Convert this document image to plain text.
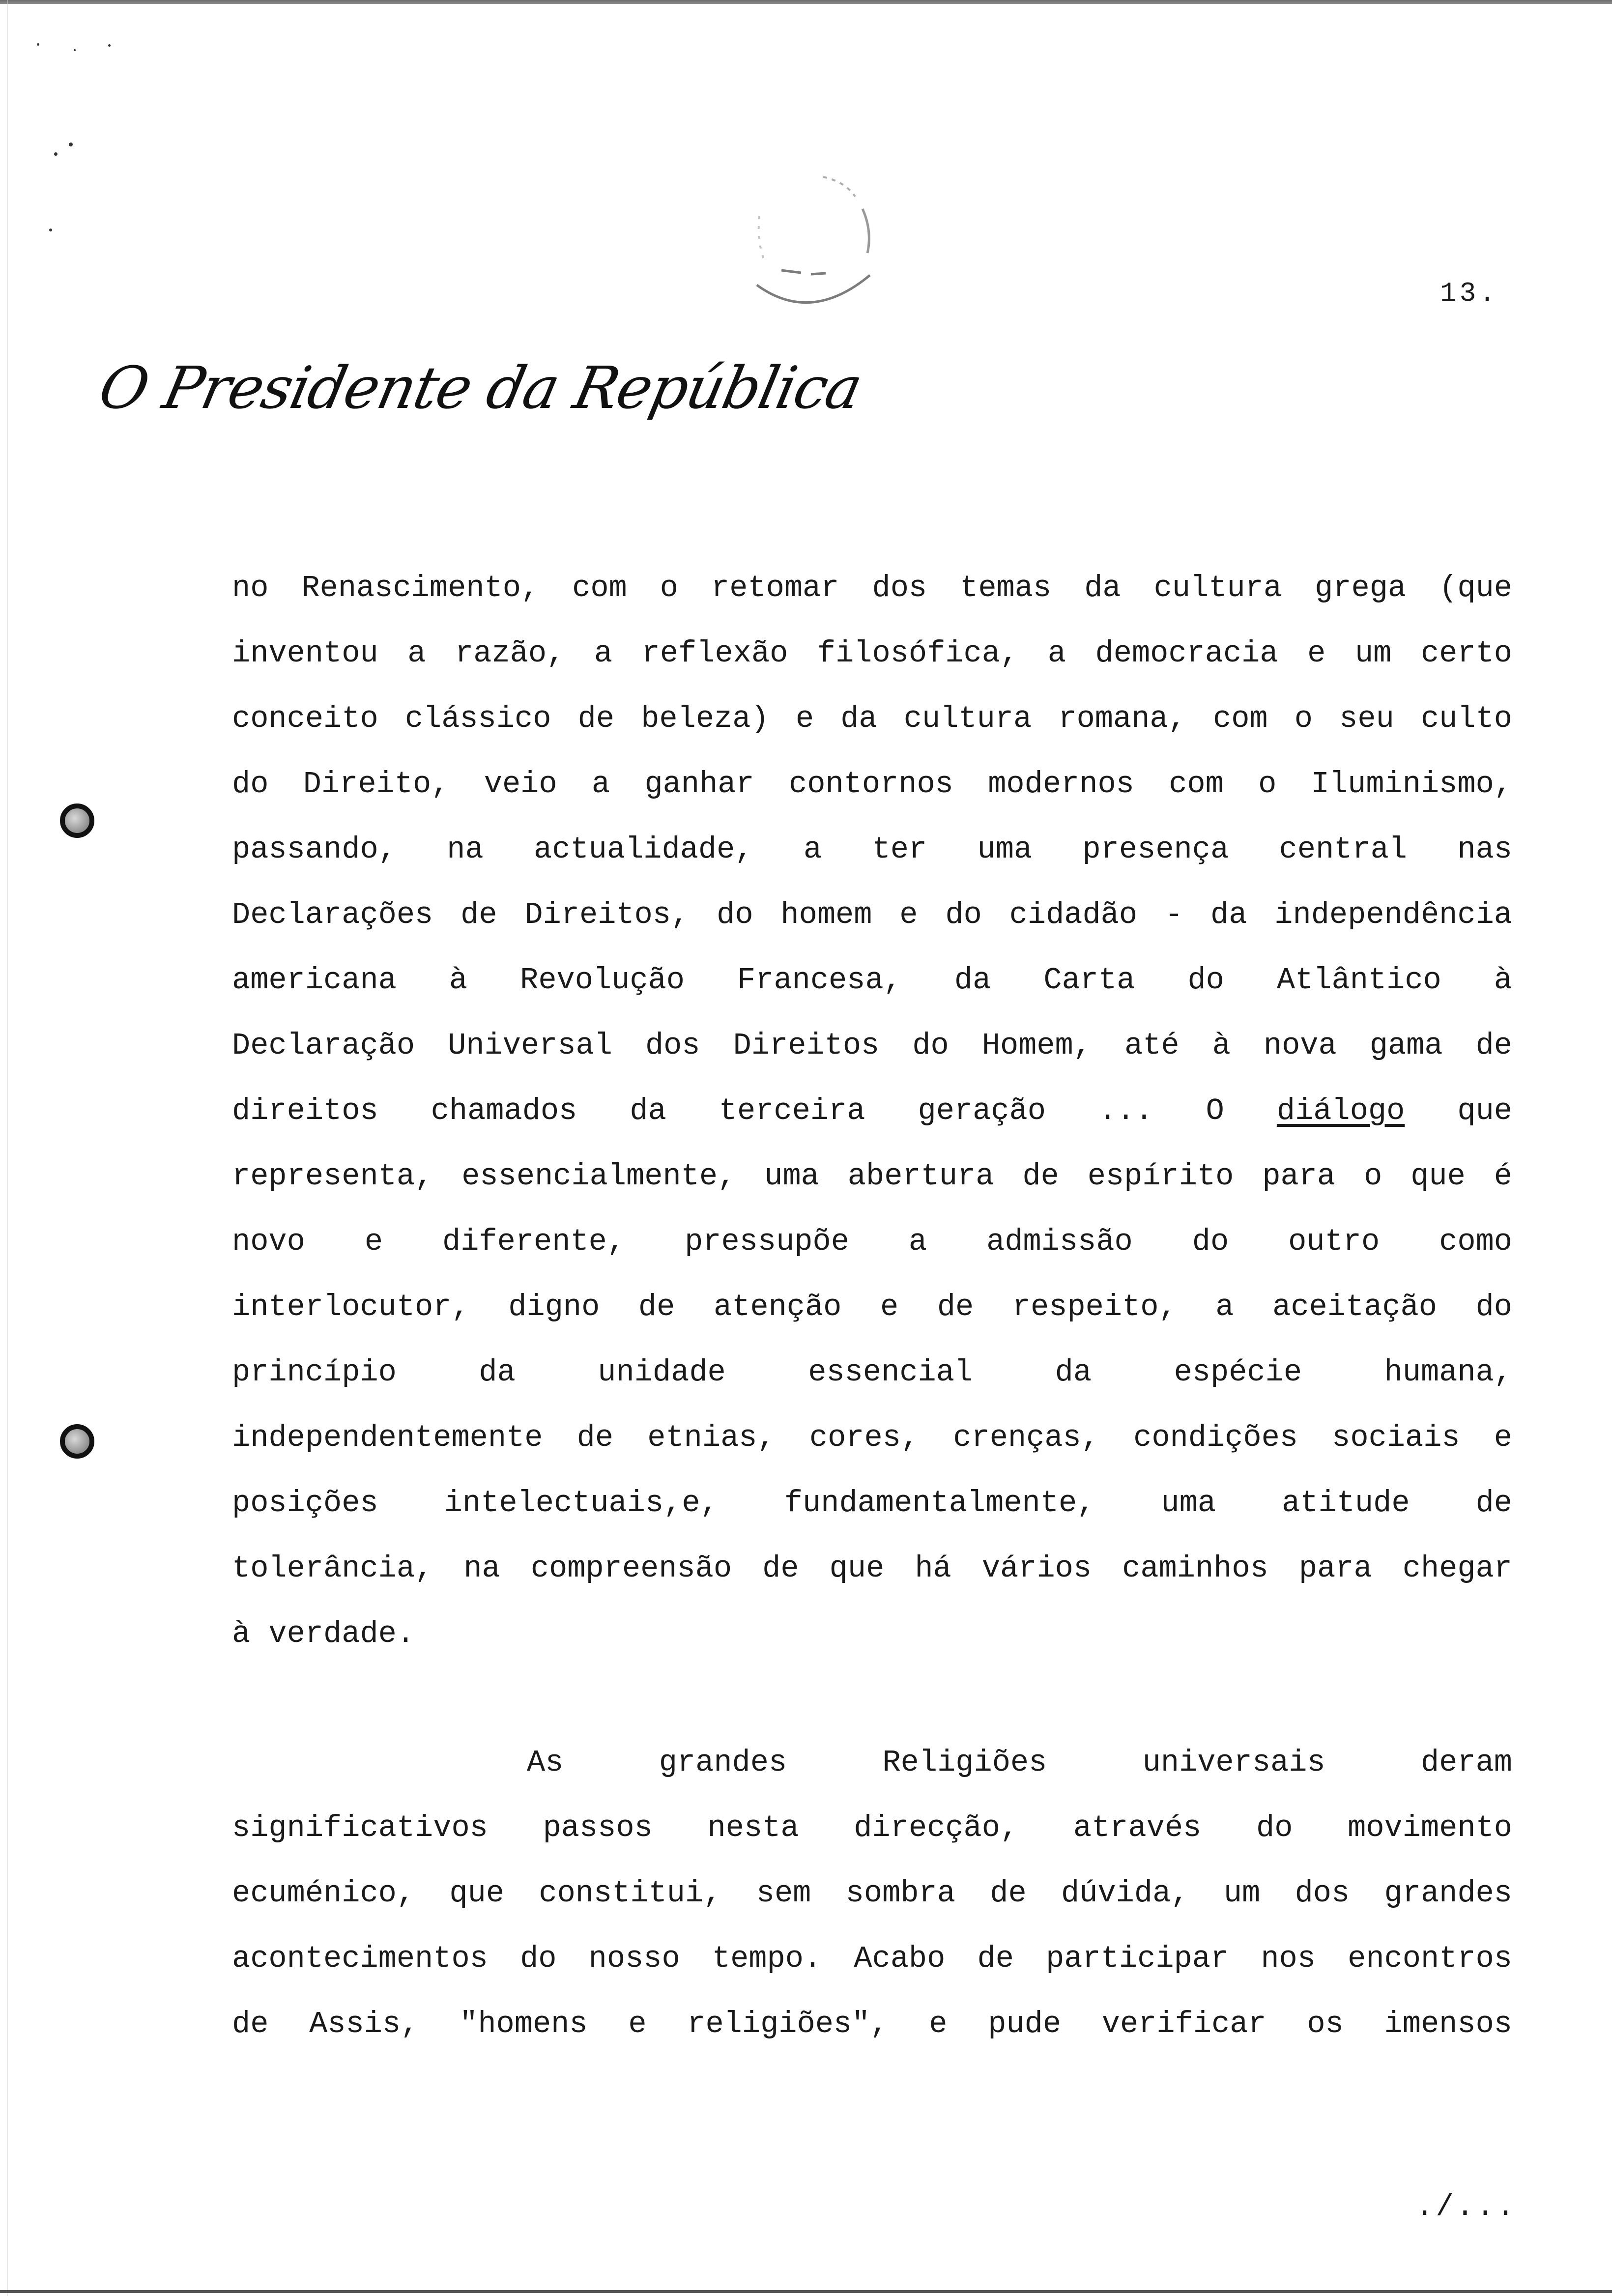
13.
O Presidente da República
no Renascimento, com o retomar dos temas da cultura grega (que
inventou a razão, a reflexão filosófica, a democracia e um certo
conceito clássico de beleza) e da cultura romana, com o seu culto
do Direito, veio a ganhar contornos modernos com o Iluminismo,
passando, na actualidade, a ter uma presença central nas
Declarações de Direitos, do homem e do cidadão - da independência
americana à Revolução Francesa, da Carta do Atlântico à
Declaração Universal dos Direitos do Homem, até à nova gama de
direitos chamados da terceira geração ... O diálogo que
representa, essencialmente, uma abertura de espírito para o que é
novo e diferente, pressupõe a admissão do outro como
interlocutor, digno de atenção e de respeito, a aceitação do
princípio da unidade essencial da espécie humana,
independentemente de etnias, cores, crenças, condições sociais e
posições intelectuais,e, fundamentalmente, uma atitude de
tolerância, na compreensão de que há vários caminhos para chegar
à verdade.
As grandes Religiões universais deram
significativos passos nesta direcção, através do movimento
ecuménico, que constitui, sem sombra de dúvida, um dos grandes
acontecimentos do nosso tempo. Acabo de participar nos encontros
de Assis, "homens e religiões", e pude verificar os imensos
./...
